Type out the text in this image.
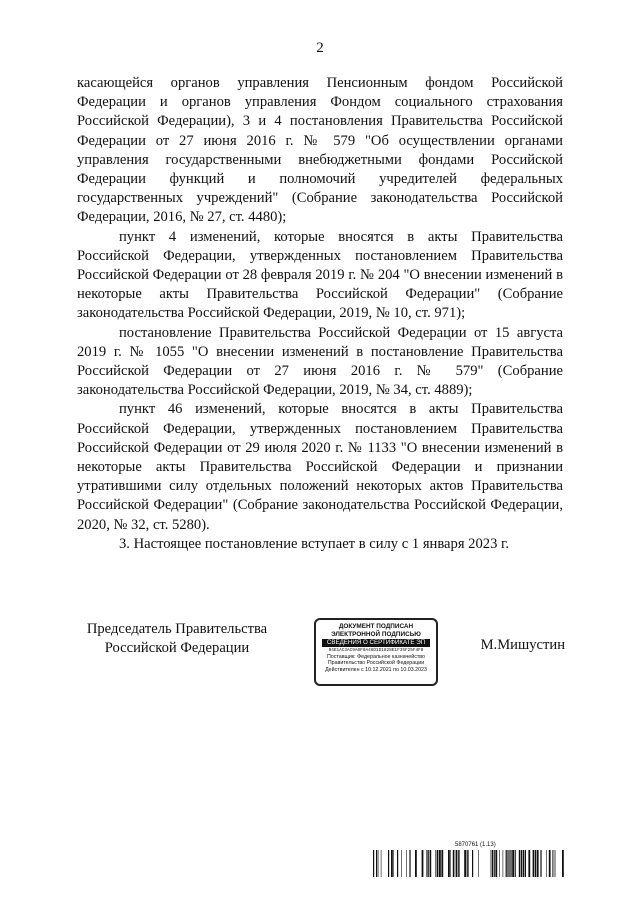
2

касающейся органов управления Пенсионным фондом Российской Федерации и органов управления Фондом социального страхования Российской Федерации), 3 и 4 постановления Правительства Российской Федерации от 27 июня 2016 г. № 579 "Об осуществлении органами управления государственными внебюджетными фондами Российской Федерации функций и полномочий учредителей федеральных государственных учреждений" (Собрание законодательства Российской Федерации, 2016, № 27, ст. 4480);

пункт 4 изменений, которые вносятся в акты Правительства Российской Федерации, утвержденных постановлением Правительства Российской Федерации от 28 февраля 2019 г. № 204 "О внесении изменений в некоторые акты Правительства Российской Федерации" (Собрание законодательства Российской Федерации, 2019, № 10, ст. 971);

постановление Правительства Российской Федерации от 15 августа 2019 г. № 1055 "О внесении изменений в постановление Правительства Российской Федерации от 27 июня 2016 г. № 579" (Собрание законодательства Российской Федерации, 2019, № 34, ст. 4889);

пункт 46 изменений, которые вносятся в акты Правительства Российской Федерации, утвержденных постановлением Правительства Российской Федерации от 29 июля 2020 г. № 1133 "О внесении изменений в некоторые акты Правительства Российской Федерации и признании утратившими силу отдельных положений некоторых актов Правительства Российской Федерации" (Собрание законодательства Российской Федерации, 2020, № 32, ст. 5280).

3. Настоящее постановление вступает в силу с 1 января 2023 г.

Председатель Правительства
Российской Федерации
ДОКУМЕНТ ПОДПИСАН
ЭЛЕКТРОННОЙ ПОДПИСЬЮ
СВЕДЕНИЯ О СЕРТИФИКАТЕ ЭП
04E1AC3AC9A0F9A46D1D1828E1F35F25F4F8
Поставщик: Федеральное казначейство
Правительство Российской Федерации
Действителен с 10.12.2021 по 10.03.2023
М.Мишустин
5870761 (1.13)
